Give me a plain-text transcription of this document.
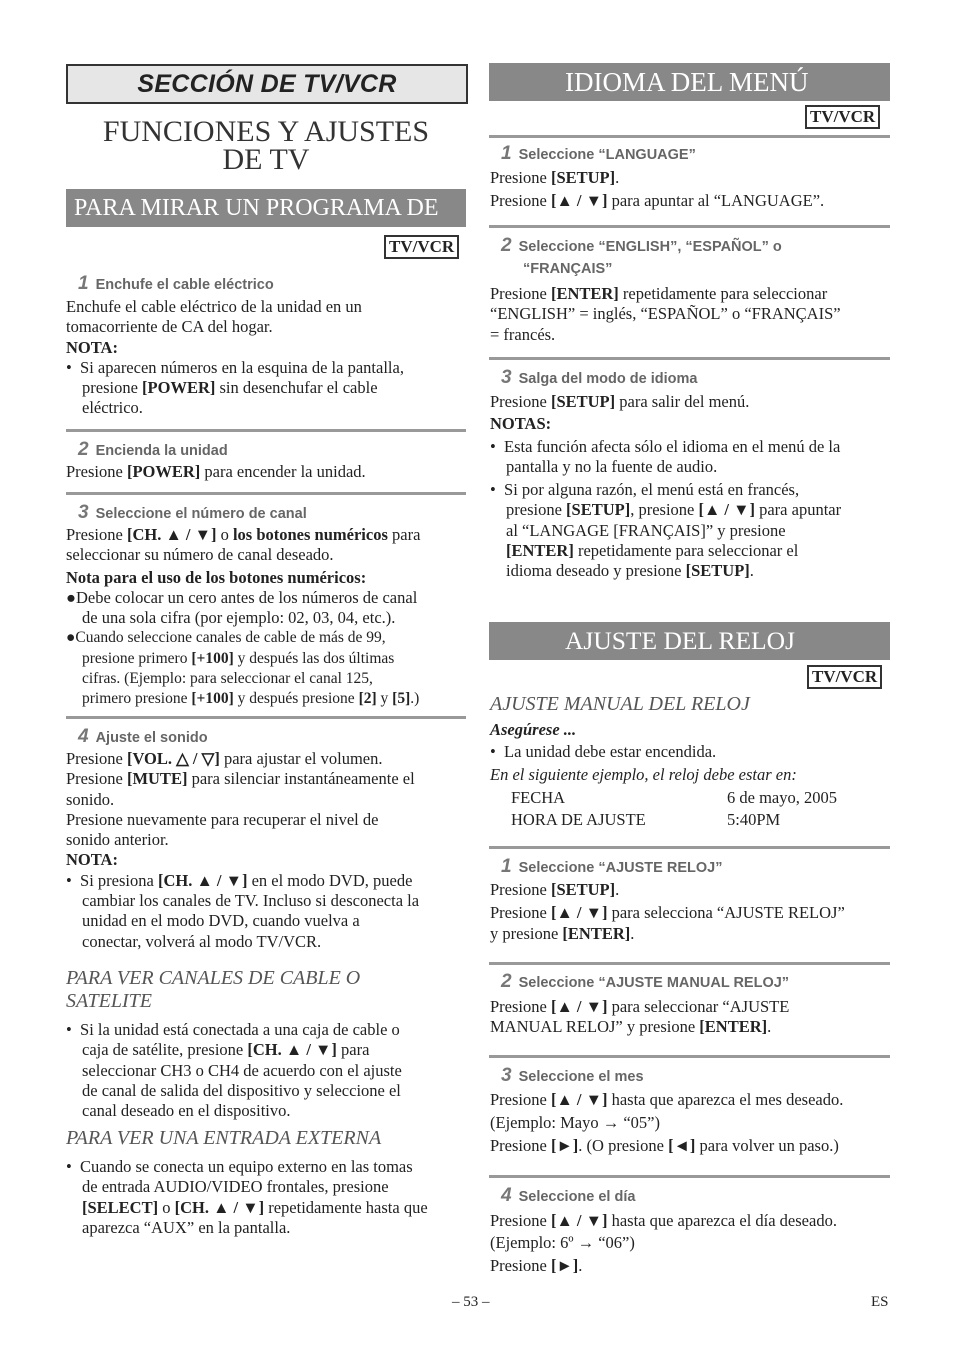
SECCIÓN DE TV/VCR
FUNCIONES Y AJUSTES
DE TV
PARA MIRAR UN PROGRAMA DE TV	TV/VCR
1 Enchufe el cable eléctrico

Enchufe el cable eléctrico de la unidad en un

tomacorriente de CA del hogar.

NOTA:

•  Si aparecen números en la esquina de la pantalla,

presione [POWER] sin desenchufar el cable

eléctrico.

2 Encienda la unidad

Presione [POWER] para encender la unidad.

3 Seleccione el número de canal

Presione [CH. ▲ / ▼] o los botones numéricos para

seleccionar su número de canal deseado.

Nota para el uso de los botones numéricos:

●Debe colocar un cero antes de los números de canal

de una sola cifra (por ejemplo: 02, 03, 04, etc.).

●Cuando seleccione canales de cable de más de 99,

presione primero [+100] y después las dos últimas

cifras. (Ejemplo: para seleccionar el canal 125,

primero presione [+100] y después presione [2] y [5].)

4 Ajuste el sonido

Presione [VOL. △ / ▽] para ajustar el volumen.

Presione [MUTE] para silenciar instantáneamente el

sonido.

Presione nuevamente para recuperar el nivel de

sonido anterior.

NOTA:

•  Si presiona [CH. ▲ / ▼] en el modo DVD, puede

cambiar los canales de TV. Incluso si desconecta la

unidad en el modo DVD, cuando vuelva a

conectar, volverá al modo TV/VCR.

PARA VER CANALES DE CABLE O
SATELITE

•  Si la unidad está conectada a una caja de cable o

caja de satélite, presione [CH. ▲ / ▼] para

seleccionar CH3 o CH4 de acuerdo con el ajuste

de canal de salida del dispositivo y seleccione el

canal deseado en el dispositivo.

PARA VER UNA ENTRADA EXTERNA

•  Cuando se conecta un equipo externo en las tomas

de entrada AUDIO/VIDEO frontales, presione

[SELECT] o [CH. ▲ / ▼] repetidamente hasta que

aparezca “AUX” en la pantalla.

IDIOMA DEL MENÚ
TV/VCR
1 Seleccione “LANGUAGE”

Presione [SETUP].

Presione [▲ / ▼] para apuntar al “LANGUAGE”.

2 Seleccione “ENGLISH”, “ESPAÑOL” o
“FRANÇAIS”

Presione [ENTER] repetidamente para seleccionar

“ENGLISH” = inglés, “ESPAÑOL” o “FRANÇAIS”

= francés.

3 Salga del modo de idioma

Presione [SETUP] para salir del menú.

NOTAS:

•  Esta función afecta sólo el idioma en el menú de la

pantalla y no la fuente de audio.

•  Si por alguna razón, el menú está en francés,

presione [SETUP], presione [▲ / ▼] para apuntar

al “LANGAGE [FRANÇAIS]” y presione

[ENTER] repetidamente para seleccionar el

idioma deseado y presione [SETUP].

AJUSTE DEL RELOJ
TV/VCR
AJUSTE MANUAL DEL RELOJ

Asegúrese ...

•  La unidad debe estar encendida.

En el siguiente ejemplo, el reloj debe estar en:

FECHA	6 de mayo, 2005

HORA DE AJUSTE	5:40PM

1 Seleccione “AJUSTE RELOJ”

Presione [SETUP].

Presione [▲ / ▼] para selecciona “AJUSTE RELOJ”

y presione [ENTER].

2 Seleccione “AJUSTE MANUAL RELOJ”

Presione [▲ / ▼] para seleccionar “AJUSTE

MANUAL RELOJ” y presione [ENTER].

3 Seleccione el mes

Presione [▲ / ▼] hasta que aparezca el mes deseado.

(Ejemplo: Mayo → “05”)

Presione [►]. (O presione [◄] para volver un paso.)

4 Seleccione el día

Presione [▲ / ▼] hasta que aparezca el día deseado.

(Ejemplo: 6º → “06”)

Presione [►].

– 53 –	ES
